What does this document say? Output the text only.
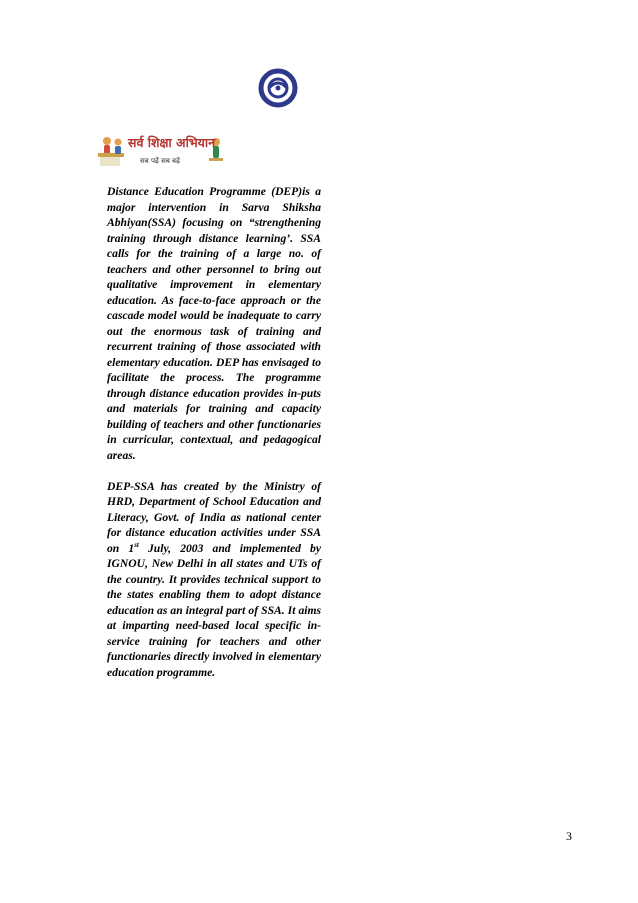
सर्व शिक्षा अभियान
सब पढ़ें सब बढ़ें

Distance Education Programme (DEP)is a major intervention in Sarva Shiksha Abhiyan(SSA) focusing on “strengthening training through distance learning’. SSA calls for the training of a large no. of teachers and other personnel to bring out qualitative improvement in elementary education. As face-to-face approach or the cascade model would be inadequate to carry out the enormous task of training and recurrent training of those associated with elementary education. DEP has envisaged to facilitate the process. The programme through distance education provides in-puts and materials for training and capacity building of teachers and other functionaries in curricular, contextual, and pedagogical areas.

DEP-SSA has created by the Ministry of HRD, Department of School Education and Literacy, Govt. of India as national center for distance education activities under SSA on 1st July, 2003 and implemented by IGNOU, New Delhi in all states and UTs of the country. It provides technical support to the states enabling them to adopt distance education as an integral part of SSA. It aims at imparting need-based local specific in-service training for teachers and other functionaries directly involved in elementary education programme.

3
